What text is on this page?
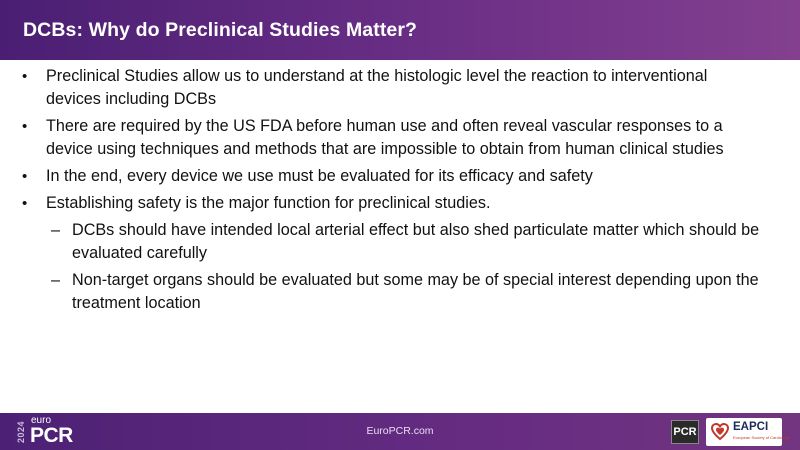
DCBs: Why do Preclinical Studies Matter?
• Preclinical Studies allow us to understand at the histologic level the reaction to interventional devices including DCBs
• There are required by the US FDA before human use and often reveal vascular responses to a device using techniques and methods that are impossible to obtain from human clinical studies
• In the end, every device we use must be evaluated for its efficacy and safety
• Establishing safety is the major function for preclinical studies.
– DCBs should have intended local arterial effect but also shed particulate matter which should be evaluated carefully
– Non-target organs should be evaluated but some may be of special interest depending upon the treatment location
2024
euro
PCR	EuroPCR.com	PCR	EAPCI
European Society of Cardiology
